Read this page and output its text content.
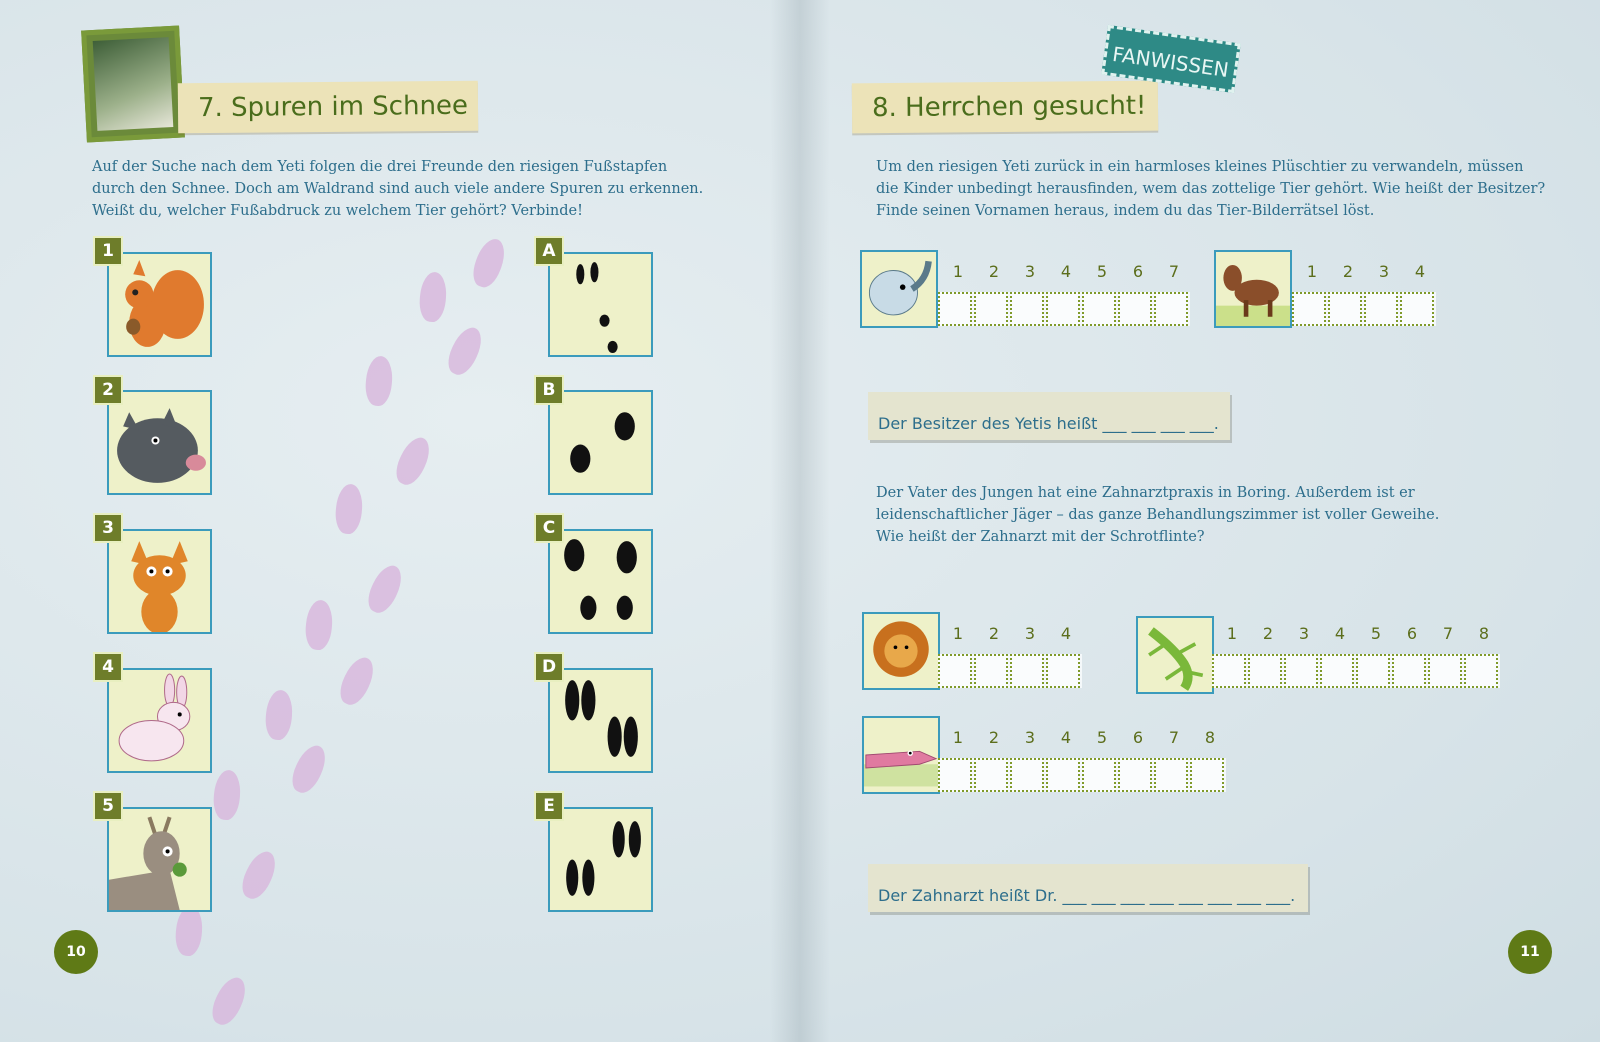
7. Spuren im Schnee

Auf der Suche nach dem Yeti folgen die drei Freunde den riesigen Fußstapfen

durch den Schnee. Doch am Waldrand sind auch viele andere Spuren zu erkennen.

Weißt du, welcher Fußabdruck zu welchem Tier gehört? Verbinde!

1
2
3
4
5
A
B
C
D
E
10
8. Herrchen gesucht!
FANWISSEN

Um den riesigen Yeti zurück in ein harmloses kleines Plüschtier zu verwandeln, müssen

die Kinder unbedingt herausfinden, wem das zottelige Tier gehört. Wie heißt der Besitzer?

Finde seinen Vornamen heraus, indem du das Tier-Bilderrätsel löst.

1	2	3	4	5	6	7	1	2	3	4
Der Besitzer des Yetis heißt ___ ___ ___ ___.

Der Vater des Jungen hat eine Zahnarztpraxis in Boring. Außerdem ist er

leidenschaftlicher Jäger – das ganze Behandlungszimmer ist voller Geweihe.

Wie heißt der Zahnarzt mit der Schrotflinte?

1	2	3	4	1	2	3	4	5	6	7	8
1	2	3	4	5	6	7	8
Der Zahnarzt heißt Dr. ___ ___ ___ ___ ___ ___ ___ ___.
11
